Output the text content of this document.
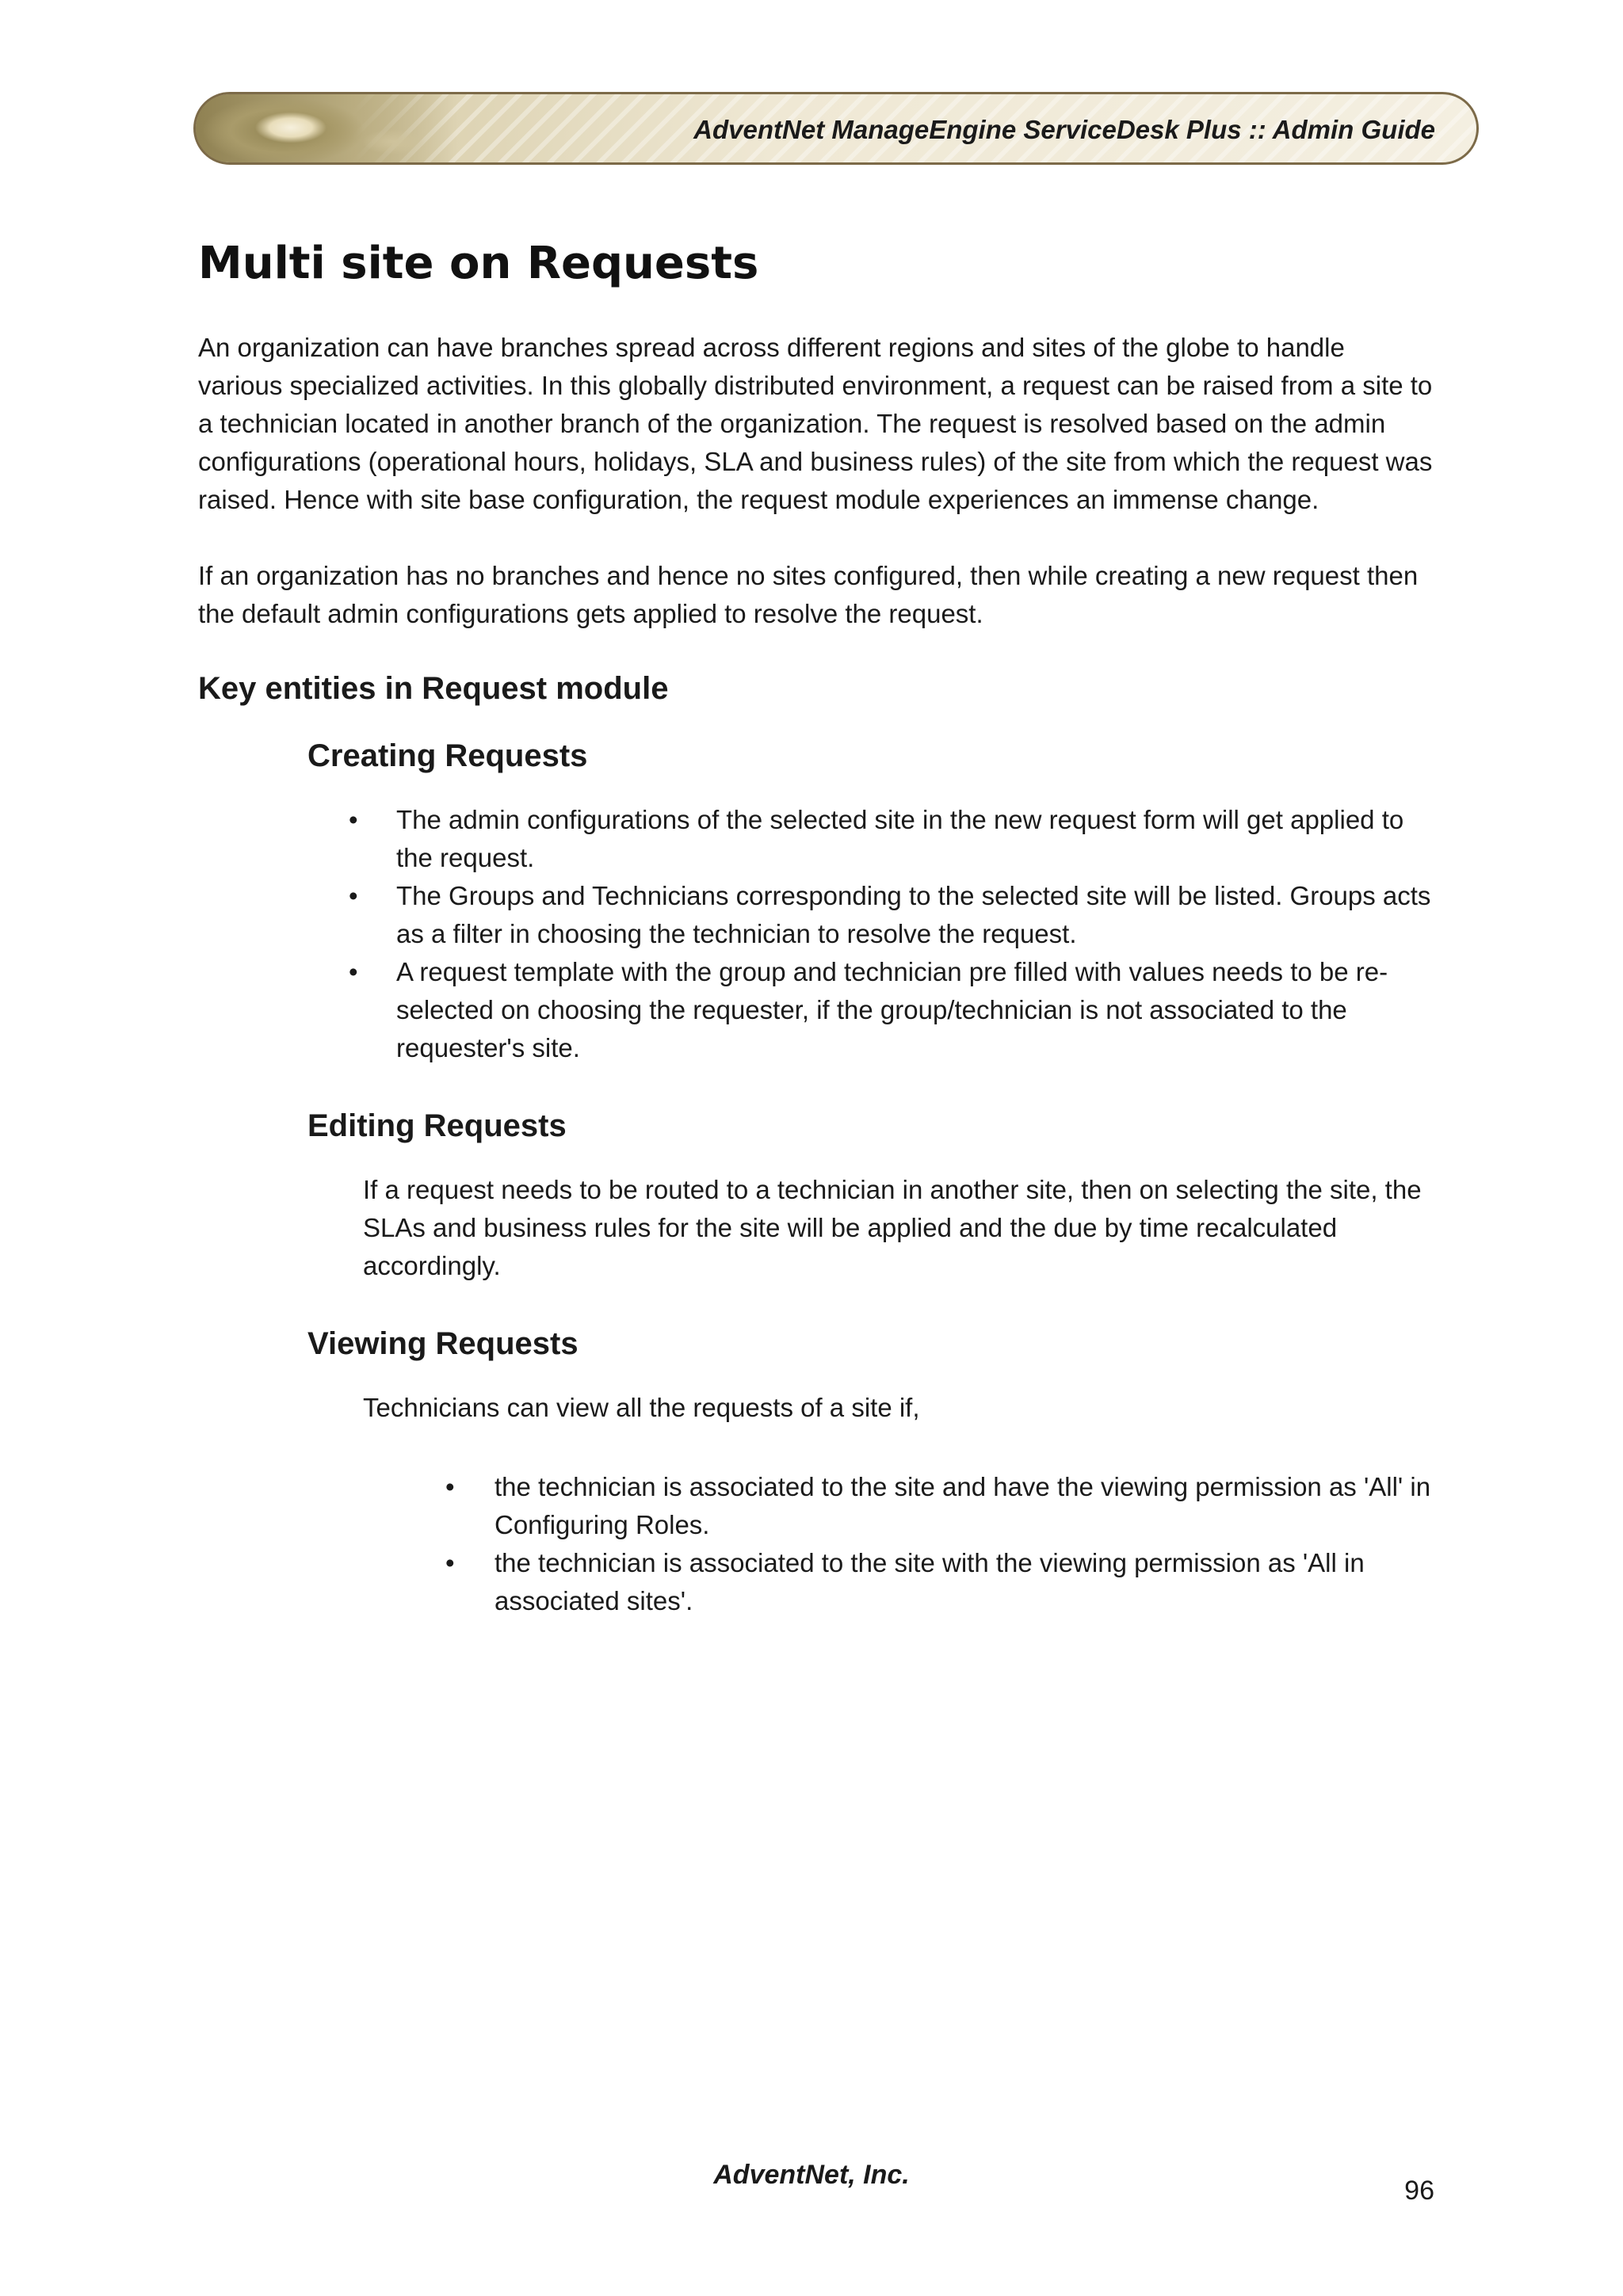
AdventNet ManageEngine ServiceDesk Plus :: Admin Guide
Multi site on Requests

An organization can have branches spread across different regions and sites of the globe to handle various specialized activities. In this globally distributed environment, a request can be raised from a site to a technician located in another branch of the organization. The request is resolved based on the admin configurations (operational hours, holidays, SLA and business rules) of the site from which the request was raised. Hence with site base configuration, the request module experiences an immense change.

If an organization has no branches and hence no sites configured, then while creating a new request then the default admin configurations gets applied to resolve the request.

Key entities in Request module
Creating Requests
• The admin configurations of the selected site in the new request form will get applied to the request.
• The Groups and Technicians corresponding to the selected site will be listed. Groups acts as a filter in choosing the technician to resolve the request.
• A request template with the group and technician pre filled with values needs to be re-selected on choosing the requester, if the group/technician is not associated to the requester's site.
Editing Requests

If a request needs to be routed to a technician in another site, then on selecting the site, the SLAs and business rules for the site will be applied and the due by time recalculated accordingly.

Viewing Requests

Technicians can view all the requests of a site if,

• the technician is associated to the site and have the viewing permission as 'All' in Configuring Roles.
• the technician is associated to the site with the viewing permission as 'All in associated sites'.
AdventNet, Inc.
96
